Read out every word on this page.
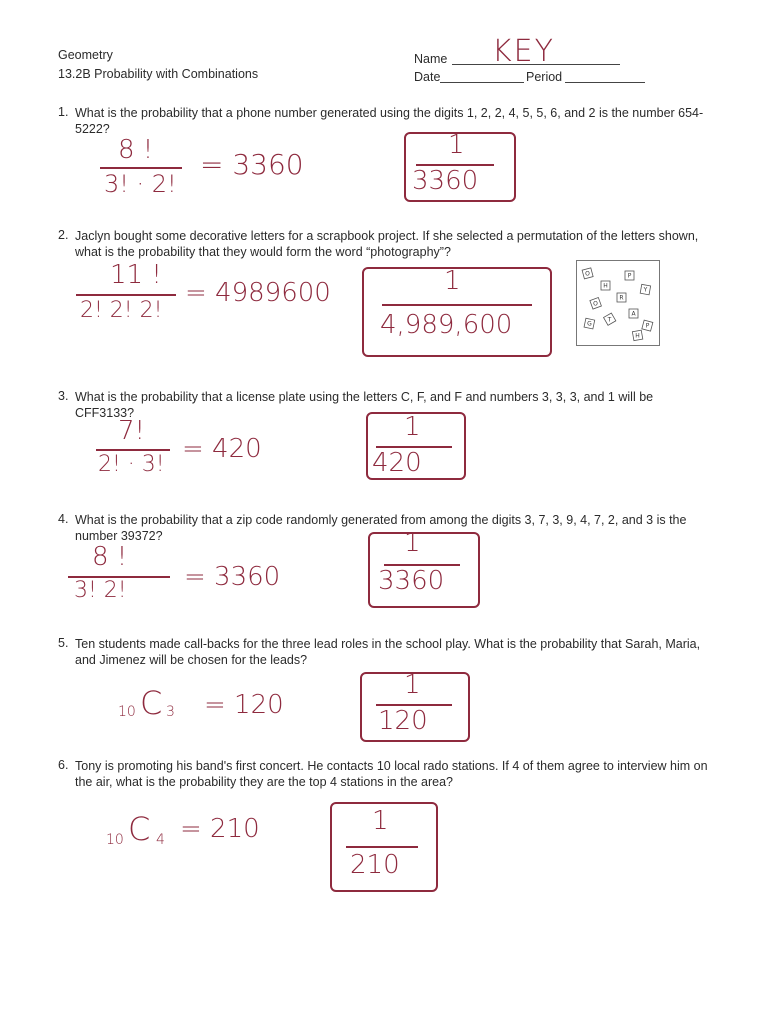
Geometry
13.2B Probability with Combinations
Name KEY
Date	Period
1. What is the probability that a phone number generated using the digits 1, 2, 2, 4, 5, 5, 6, and 2 is the number 654-5222?
8 !
3! · 2!
= 3360
1
3360
2. Jaclyn bought some decorative letters for a scrapbook project. If she selected a permutation of the letters shown, what is the probability that they would form the word “photography”?
11 !
2! 2! 2!
= 4989600	1
4,989,600
O
H
Y
P
O
R
G
T
A
P
H
3. What is the probability that a license plate using the letters C, F, and F and numbers 3, 3, 3, and 1 will be CFF3133?
7!
2! · 3!
= 420
1
420
4. What is the probability that a zip code randomly generated from among the digits 3, 7, 3, 9, 4, 7, 2, and 3 is the number 39372?
8 !
3! 2! = 3360
1
3360
5. Ten students made call-backs for the three lead roles in the school play. What is the probability that Sarah, Maria, and Jimenez will be chosen for the leads?
10 C 3 = 120
1
120
6. Tony is promoting his band's first concert. He contacts 10 local rado stations. If 4 of them agree to interview him on the air, what is the probability they are the top 4 stations in the area?
10 C 4 = 210	1
210
